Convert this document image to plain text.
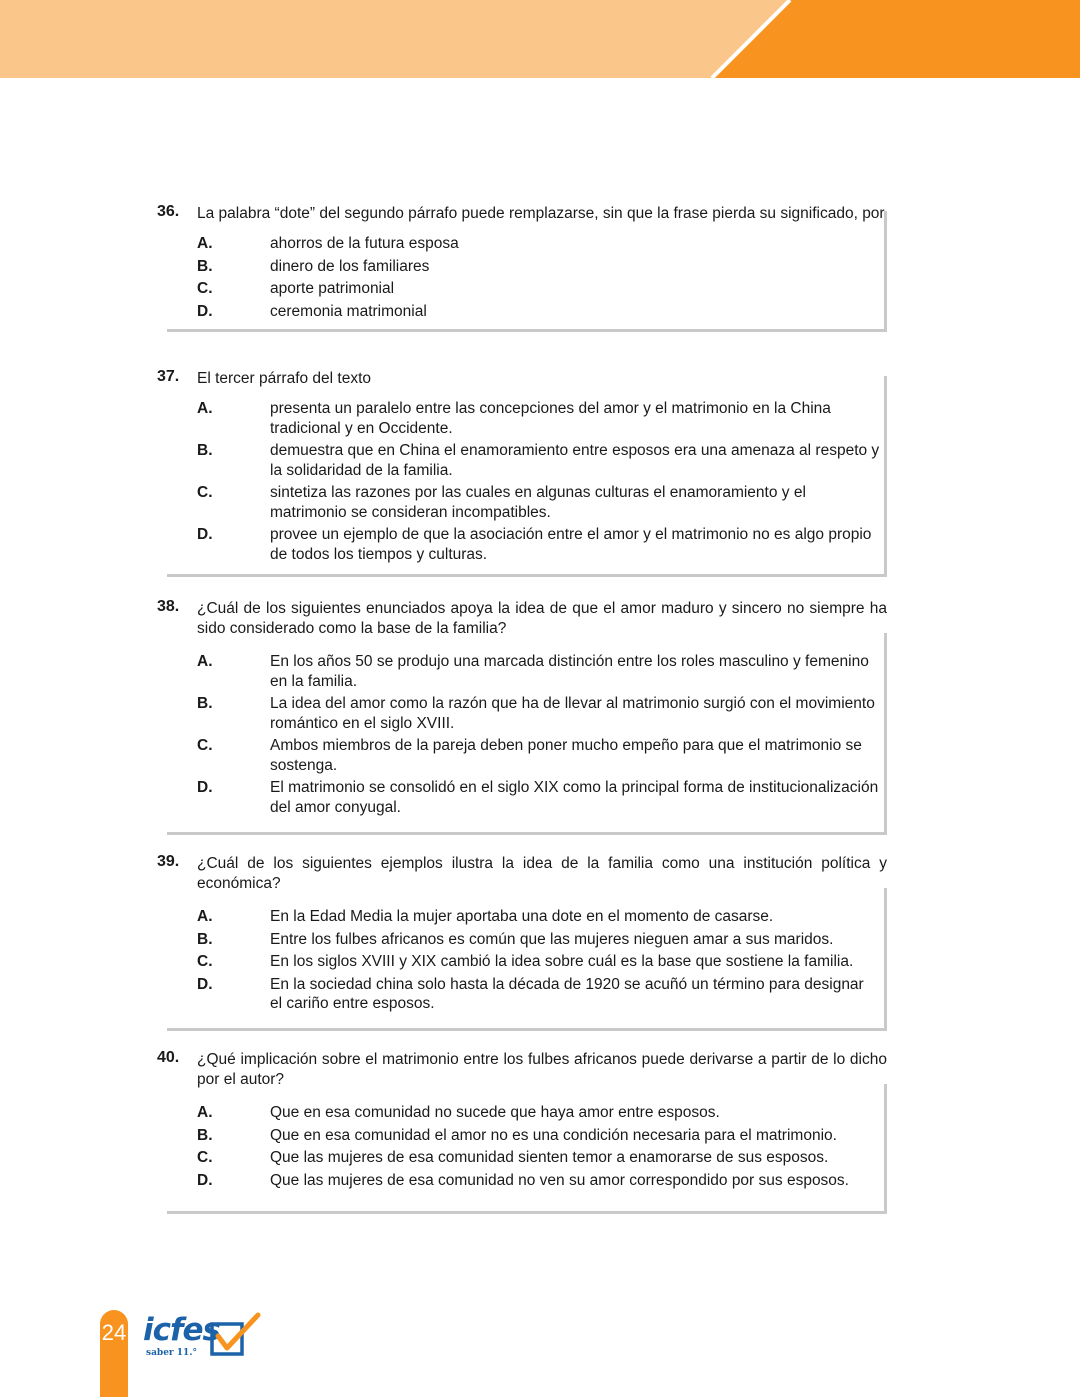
36. La palabra “dote” del segundo párrafo puede remplazarse, sin que la frase pierda su significado, por
A.	ahorros de la futura esposa
B.	dinero de los familiares
C.	aporte patrimonial
D.	ceremonia matrimonial
37. El tercer párrafo del texto
A.	presenta un paralelo entre las concepciones del amor y el matrimonio en la China tradicional y en Occidente.
B.	demuestra que en China el enamoramiento entre esposos era una amenaza al respeto y la solidaridad de la familia.
C.	sintetiza las razones por las cuales en algunas culturas el enamoramiento y el matrimonio se consideran incompatibles.
D.	provee un ejemplo de que la asociación entre el amor y el matrimonio no es algo propio de todos los tiempos y culturas.
38. ¿Cuál de los siguientes enunciados apoya la idea de que el amor maduro y sincero no siempre ha sido considerado como la base de la familia?
A.	En los años 50 se produjo una marcada distinción entre los roles masculino y femenino en la familia.
B.	La idea del amor como la razón que ha de llevar al matrimonio surgió con el movimiento romántico en el siglo XVIII.
C.	Ambos miembros de la pareja deben poner mucho empeño para que el matrimonio se sostenga.
D.	El matrimonio se consolidó en el siglo XIX como la principal forma de institucionalización del amor conyugal.
39. ¿Cuál de los siguientes ejemplos ilustra la idea de la familia como una institución política y económica?
A.	En la Edad Media la mujer aportaba una dote en el momento de casarse.
B.	Entre los fulbes africanos es común que las mujeres nieguen amar a sus maridos.
C.	En los siglos XVIII y XIX cambió la idea sobre cuál es la base que sostiene la familia.
D.	En la sociedad china solo hasta la década de 1920 se acuñó un término para designar el cariño entre esposos.
40. ¿Qué implicación sobre el matrimonio entre los fulbes africanos puede derivarse a partir de lo dicho por el autor?
A.	Que en esa comunidad no sucede que haya amor entre esposos.
B.	Que en esa comunidad el amor no es una condición necesaria para el matrimonio.
C.	Que las mujeres de esa comunidad sienten temor a enamorarse de sus esposos.
D.	Que las mujeres de esa comunidad no ven su amor correspondido por sus esposos.
24 icfes
saber 11.°
